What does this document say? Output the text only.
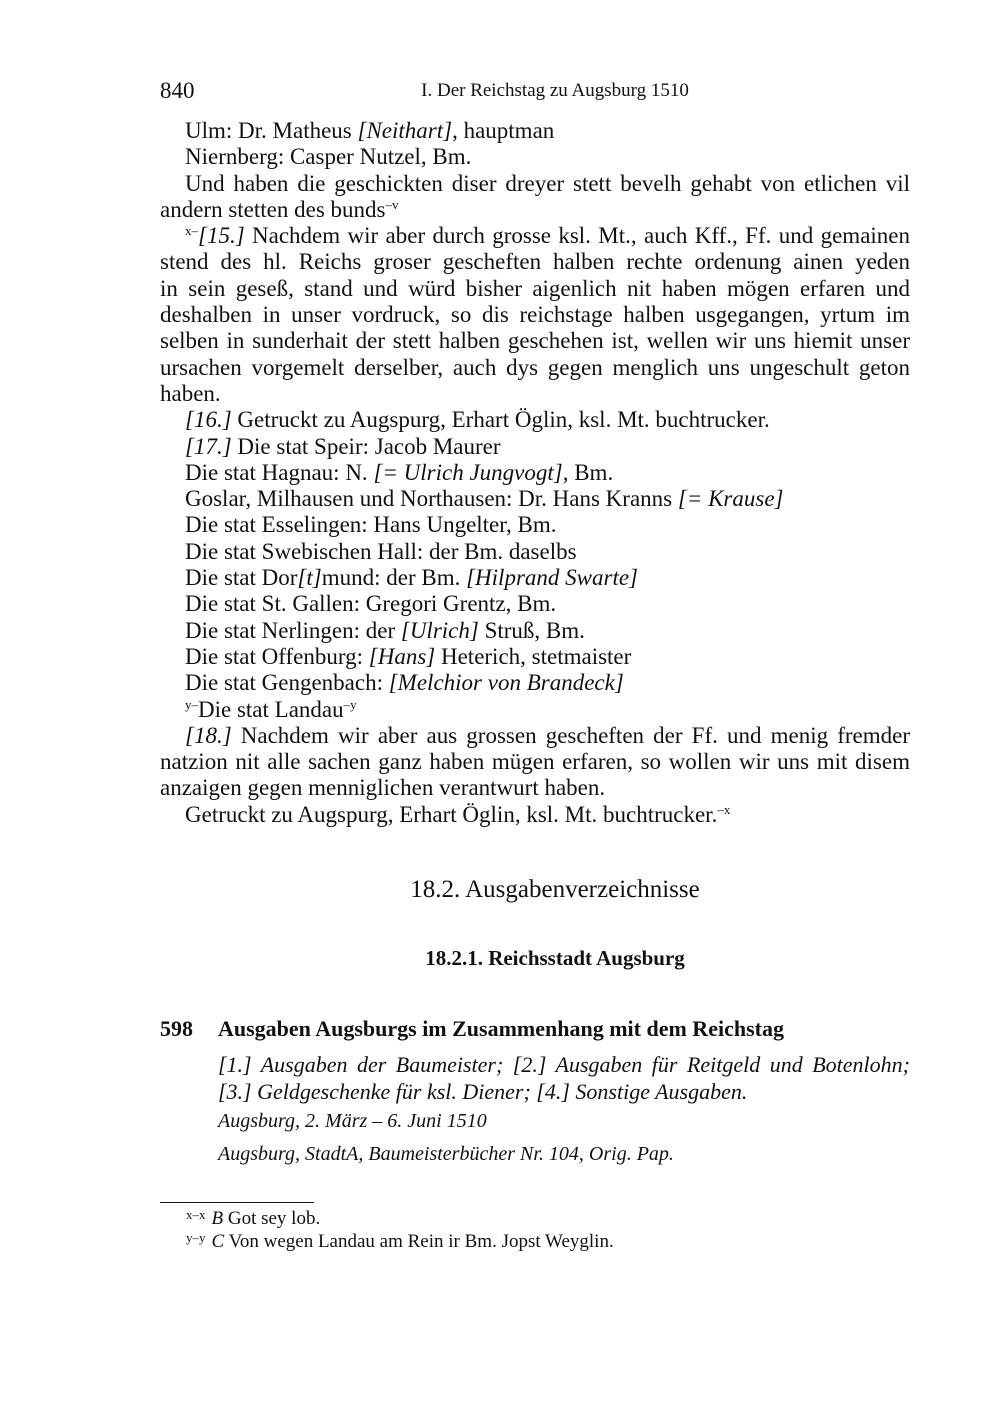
840	I. Der Reichstag zu Augsburg 1510
Ulm: Dr. Matheus [Neithart], hauptman
Niernberg: Casper Nutzel, Bm.
Und haben die geschickten diser dreyer stett bevelh gehabt von etlichen vil
andern stetten des bunds$^{-v}$
$^{x-}$[15.] Nachdem wir aber durch grosse ksl. Mt., auch Kff., Ff. und gemainen
stend des hl. Reichs groser gescheften halben rechte ordenung ainen yeden
in sein geseß, stand und würd bisher aigenlich nit haben mögen erfaren und
deshalben in unser vordruck, so dis reichstage halben usgegangen, yrtum im
selben in sunderhait der stett halben geschehen ist, wellen wir uns hiemit unser
ursachen vorgemelt derselber, auch dys gegen menglich uns ungeschult geton
haben.
[16.] Getruckt zu Augspurg, Erhart Öglin, ksl. Mt. buchtrucker.
[17.] Die stat Speir: Jacob Maurer
Die stat Hagnau: N. [= Ulrich Jungvogt], Bm.
Goslar, Milhausen und Northausen: Dr. Hans Kranns [= Krause]
Die stat Esselingen: Hans Ungelter, Bm.
Die stat Swebischen Hall: der Bm. daselbs
Die stat Dor[t]mund: der Bm. [Hilprand Swarte]
Die stat St. Gallen: Gregori Grentz, Bm.
Die stat Nerlingen: der [Ulrich] Struß, Bm.
Die stat Offenburg: [Hans] Heterich, stetmaister
Die stat Gengenbach: [Melchior von Brandeck]
$^{y-}$Die stat Landau$^{-y}$
[18.] Nachdem wir aber aus grossen gescheften der Ff. und menig fremder
natzion nit alle sachen ganz haben mügen erfaren, so wollen wir uns mit disem
anzaigen gegen menniglichen verantwurt haben.
Getruckt zu Augspurg, Erhart Öglin, ksl. Mt. buchtrucker.$^{-x}$
18.2. Ausgabenverzeichnisse
18.2.1. Reichsstadt Augsburg
598 Ausgaben Augsburgs im Zusammenhang mit dem Reichstag
[1.] Ausgaben der Baumeister; [2.] Ausgaben für Reitgeld und Botenlohn;
[3.] Geldgeschenke für ksl. Diener; [4.] Sonstige Ausgaben.
Augsburg, 2. März – 6. Juni 1510
Augsburg, StadtA, Baumeisterbücher Nr. 104, Orig. Pap.
$^{x-x}$ B Got sey lob.
$^{y-y}$ C Von wegen Landau am Rein ir Bm. Jopst Weyglin.
